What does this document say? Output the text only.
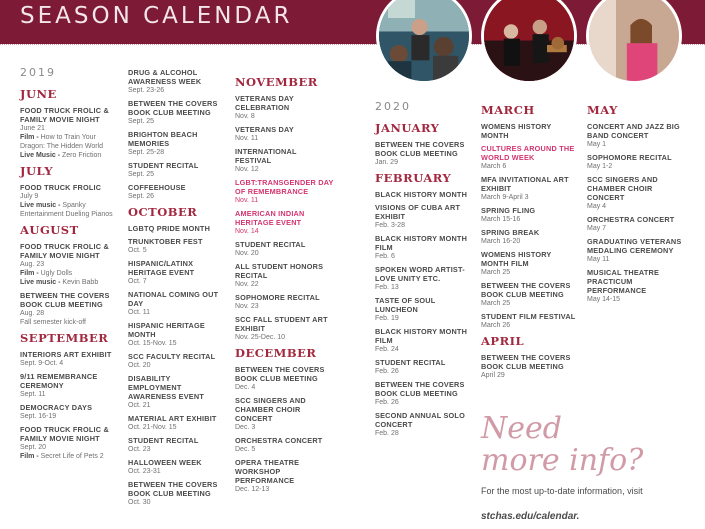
SEASON CALENDAR
2019
JUNE
FOOD TRUCK FROLIC & FAMILY MOVIE NIGHT
June 21
Film - How to Train Your Dragon: The Hidden World
Live Music - Zero Friction
JULY
FOOD TRUCK FROLIC
July 9
Live music - Spanky Entertainment Dueling Pianos
AUGUST
FOOD TRUCK FROLIC & FAMILY MOVIE NIGHT
Aug. 23
Film - Ugly Dolls
Live music - Kevin Babb
BETWEEN THE COVERS BOOK CLUB MEETING
Aug. 28
Fall semester kick-off
SEPTEMBER
INTERIORS ART EXHIBIT
Sept. 9-Oct. 4
9/11 REMEMBRANCE CEREMONY
Sept. 11
DEMOCRACY DAYS
Sept. 16-19
FOOD TRUCK FROLIC & FAMILY MOVIE NIGHT
Sept. 20
Film - Secret Life of Pets 2
DRUG & ALCOHOL AWARENESS WEEK
Sept. 23-26
BETWEEN THE COVERS BOOK CLUB MEETING
Sept. 25
BRIGHTON BEACH MEMORIES
Sept. 25-28
STUDENT RECITAL
Sept. 25
COFFEEHOUSE
Sept. 26
OCTOBER
LGBTQ PRIDE MONTH
TRUNKTOBER FEST
Oct. 5
HISPANIC/LATINX HERITAGE EVENT
Oct. 7
NATIONAL COMING OUT DAY
Oct. 11
HISPANIC HERITAGE MONTH
Oct. 15-Nov. 15
SCC FACULTY RECITAL
Oct. 20
DISABILITY EMPLOYMENT AWARENESS EVENT
Oct. 21
MATERIAL ART EXHIBIT
Oct. 21-Nov. 15
STUDENT RECITAL
Oct. 23
HALLOWEEN WEEK
Oct. 23-31
BETWEEN THE COVERS BOOK CLUB MEETING
Oct. 30
NOVEMBER
VETERANS DAY CELEBRATION
Nov. 8
VETERANS DAY
Nov. 11
INTERNATIONAL FESTIVAL
Nov. 12
LGBT:TRANSGENDER DAY OF REMEMBRANCE
Nov. 11
AMERICAN INDIAN HERITAGE EVENT
Nov. 14
STUDENT RECITAL
Nov. 20
ALL STUDENT HONORS RECITAL
Nov. 22
SOPHOMORE RECITAL
Nov. 23
SCC FALL STUDENT ART EXHIBIT
Nov. 25-Dec. 10
DECEMBER
BETWEEN THE COVERS BOOK CLUB MEETING
Dec. 4
SCC SINGERS AND CHAMBER CHOIR CONCERT
Dec. 3
ORCHESTRA CONCERT
Dec. 5
OPERA THEATRE WORKSHOP PERFORMANCE
Dec. 12-13
2020
JANUARY
BETWEEN THE COVERS BOOK CLUB MEETING
Jan. 29
FEBRUARY
BLACK HISTORY MONTH
VISIONS OF CUBA ART EXHIBIT
Feb. 3-28
BLACK HISTORY MONTH FILM
Feb. 6
SPOKEN WORD ARTIST- LOVE UNITY ETC.
Feb. 13
TASTE OF SOUL LUNCHEON
Feb. 19
BLACK HISTORY MONTH FILM
Feb. 24
STUDENT RECITAL
Feb. 26
BETWEEN THE COVERS BOOK CLUB MEETING
Feb. 26
SECOND ANNUAL SOLO CONCERT
Feb. 28
MARCH
WOMENS HISTORY MONTH
CULTURES AROUND THE WORLD WEEK
March 6
MFA INVITATIONAL ART EXHIBIT
March 9-April 3
SPRING FLING
March 15-16
SPRING BREAK
March 16-20
WOMENS HISTORY MONTH FILM
March 25
BETWEEN THE COVERS BOOK CLUB MEETING
March 25
STUDENT FILM FESTIVAL
March 26
APRIL
BETWEEN THE COVERS BOOK CLUB MEETING
April 29
MAY
CONCERT AND JAZZ BIG BAND CONCERT
May 1
SOPHOMORE RECITAL
May 1-2
SCC SINGERS AND CHAMBER CHOIR CONCERT
May 4
ORCHESTRA CONCERT
May 7
GRADUATING VETERANS MEDALING CEREMONY
May 11
MUSICAL THEATRE PRACTICUM PERFORMANCE
May 14-15
Need
more info?
For the most up-to-date information, visit
stchas.edu/calendar.
